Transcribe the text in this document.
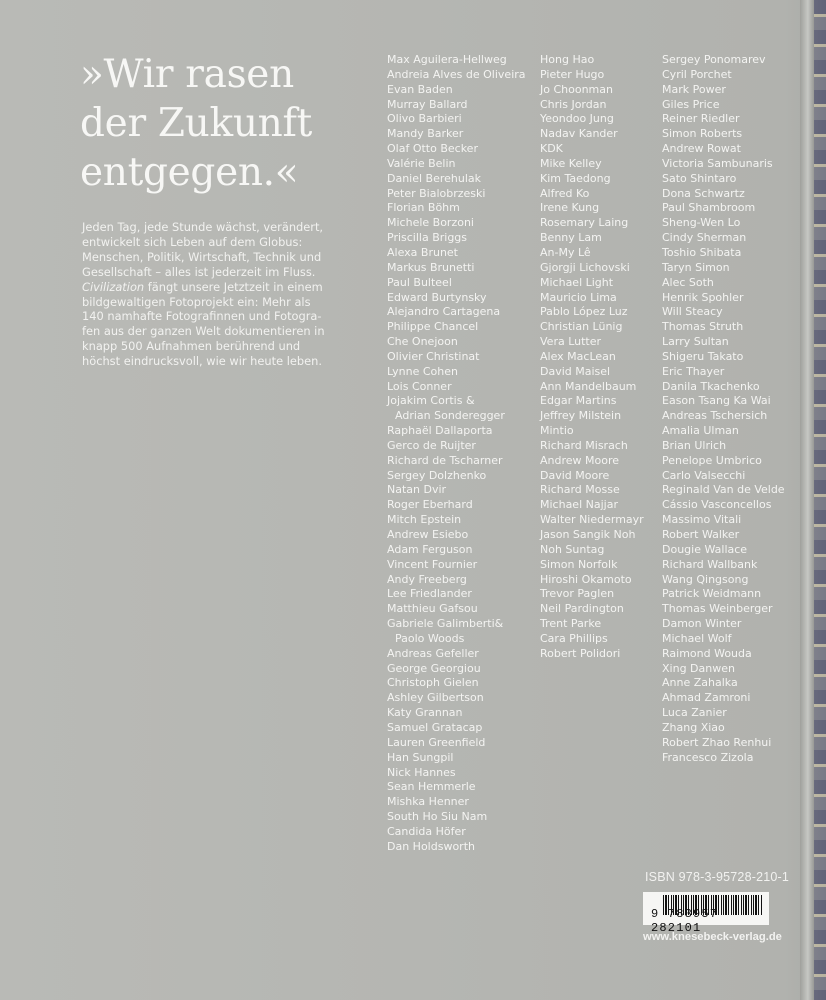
»Wir rasen
der Zukunft
entgegen.«

Jeden Tag, jede Stunde wächst, verändert,
entwickelt sich Leben auf dem Globus:
Menschen, Politik, Wirtschaft, Technik und
Gesellschaft – alles ist jederzeit im Fluss.
Civilization fängt unsere Jetztzeit in einem
bildgewaltigen Fotoprojekt ein: Mehr als
140 namhafte Fotografinnen und Fotogra-
fen aus der ganzen Welt dokumentieren in
knapp 500 Aufnahmen berührend und
höchst eindrucksvoll, wie wir heute leben.

Max Aguilera-Hellweg
Andreia Alves de Oliveira
Evan Baden
Murray Ballard
Olivo Barbieri
Mandy Barker
Olaf Otto Becker
Valérie Belin
Daniel Berehulak
Peter Bialobrzeski
Florian Böhm
Michele Borzoni
Priscilla Briggs
Alexa Brunet
Markus Brunetti
Paul Bulteel
Edward Burtynsky
Alejandro Cartagena
Philippe Chancel
Che Onejoon
Olivier Christinat
Lynne Cohen
Lois Conner
Jojakim Cortis &
Adrian Sonderegger
Raphaël Dallaporta
Gerco de Ruijter
Richard de Tscharner
Sergey Dolzhenko
Natan Dvir
Roger Eberhard
Mitch Epstein
Andrew Esiebo
Adam Ferguson
Vincent Fournier
Andy Freeberg
Lee Friedlander
Matthieu Gafsou
Gabriele Galimberti&
Paolo Woods
Andreas Gefeller
George Georgiou
Christoph Gielen
Ashley Gilbertson
Katy Grannan
Samuel Gratacap
Lauren Greenfield
Han Sungpil
Nick Hannes
Sean Hemmerle
Mishka Henner
South Ho Siu Nam
Candida Höfer
Dan Holdsworth
Hong Hao
Pieter Hugo
Jo Choonman
Chris Jordan
Yeondoo Jung
Nadav Kander
KDK
Mike Kelley
Kim Taedong
Alfred Ko
Irene Kung
Rosemary Laing
Benny Lam
An-My Lê
Gjorgji Lichovski
Michael Light
Mauricio Lima
Pablo López Luz
Christian Lünig
Vera Lutter
Alex MacLean
David Maisel
Ann Mandelbaum
Edgar Martins
Jeffrey Milstein
Mintio
Richard Misrach
Andrew Moore
David Moore
Richard Mosse
Michael Najjar
Walter Niedermayr
Jason Sangik Noh
Noh Suntag
Simon Norfolk
Hiroshi Okamoto
Trevor Paglen
Neil Pardington
Trent Parke
Cara Phillips
Robert Polidori
Sergey Ponomarev
Cyril Porchet
Mark Power
Giles Price
Reiner Riedler
Simon Roberts
Andrew Rowat
Victoria Sambunaris
Sato Shintaro
Dona Schwartz
Paul Shambroom
Sheng-Wen Lo
Cindy Sherman
Toshio Shibata
Taryn Simon
Alec Soth
Henrik Spohler
Will Steacy
Thomas Struth
Larry Sultan
Shigeru Takato
Eric Thayer
Danila Tkachenko
Eason Tsang Ka Wai
Andreas Tschersich
Amalia Ulman
Brian Ulrich
Penelope Umbrico
Carlo Valsecchi
Reginald Van de Velde
Cássio Vasconcellos
Massimo Vitali
Robert Walker
Dougie Wallace
Richard Wallbank
Wang Qingsong
Patrick Weidmann
Thomas Weinberger
Damon Winter
Michael Wolf
Raimond Wouda
Xing Danwen
Anne Zahalka
Ahmad Zamroni
Luca Zanier
Zhang Xiao
Robert Zhao Renhui
Francesco Zizola
ISBN 978-3-95728-210-1
9 783957 282101
www.knesebeck-verlag.de
